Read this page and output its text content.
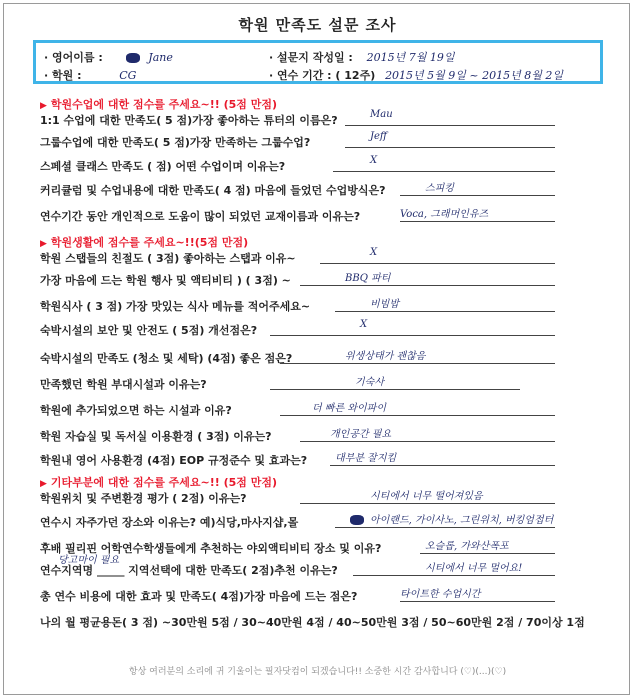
학원 만족도 설문 조사
· 영어이름 :	Jane
· 학원 :	CG
· 설문지 작성일 : 2015년 7월 19일
· 연수 기간 : ( 12주) 2015년 5월 9일 ~ 2015년 8월 2일
▶ 학원수업에 대한 점수를 주세요~!! (5점 만점)
▶ 학원생활에 점수를 주세요~!!(5점 만점)
▶ 기타부분에 대한 점수를 주세요~!! (5점 만점)
1:1 수업에 대한 만족도( 5 점)가장 좋아하는 튜터의 이름은?	Mau
그룹수업에 대한 만족도( 5 점)가장 만족하는 그룹수업?	Jeff
스페셜 클래스 만족도 ( 점) 어떤 수업이며 이유는?	X
커리큘럼 및 수업내용에 대한 만족도( 4 점) 마음에 들었던 수업방식은?	스피킹
연수기간 동안 개인적으로 도움이 많이 되었던 교재이름과 이유는?	Voca, 그래머인유즈
학원 스탭들의 친절도 ( 3점) 좋아하는 스탭과 이유~	X
가장 마음에 드는 학원 행사 및 액티비티 ) ( 3점) ~	BBQ 파티
학원식사 ( 3 점) 가장 맛있는 식사 메뉴를 적어주세요~	비빔밥
숙박시설의 보안 및 안전도 ( 5점) 개선점은?	X
숙박시설의 만족도 (청소 및 세탁) (4점) 좋은 점은?	위생상태가 괜찮음
만족했던 학원 부대시설과 이유는?	기숙사
학원에 추가되었으면 하는 시설과 이유?	더 빠른 와이파이
학원 자습실 및 독서실 이용환경 ( 3점) 이유는?	개인공간 필요
학원내 영어 사용환경 (4점) EOP 규정준수 및 효과는?	대부분 잘지킴
학원위치 및 주변환경 평가 ( 2점) 이유는?	시티에서 너무 떨어져있음
연수시 자주가던 장소와 이유는? 예)식당,마사지샵,몰	아이랜드, 가이사노, 그린위치, 버킹엄접터
후배 필리핀 어학연수학생들에게 추천하는 야외액티비티 장소 및 이유?	오슬롭, 가와산폭포
연수지역명 _____ 지역선택에 대한 만족도( 2점)추천 이유는?	시티에서 너무 멀어요!
총 연수 비용에 대한 효과 및 만족도( 4점)가장 마음에 드는 점은?	타이트한 수업시간
나의 월 평균용돈( 3 점) ~30만원 5점 / 30~40만원 4점 / 40~50만원 3점 / 50~60만원 2점 / 70이상 1점
당고마이 필요
항상 여러분의 소리에 귀 기울이는 필자닷컴이 되겠습니다!! 소중한 시간 감사합니다 (♡)(...)(♡)
